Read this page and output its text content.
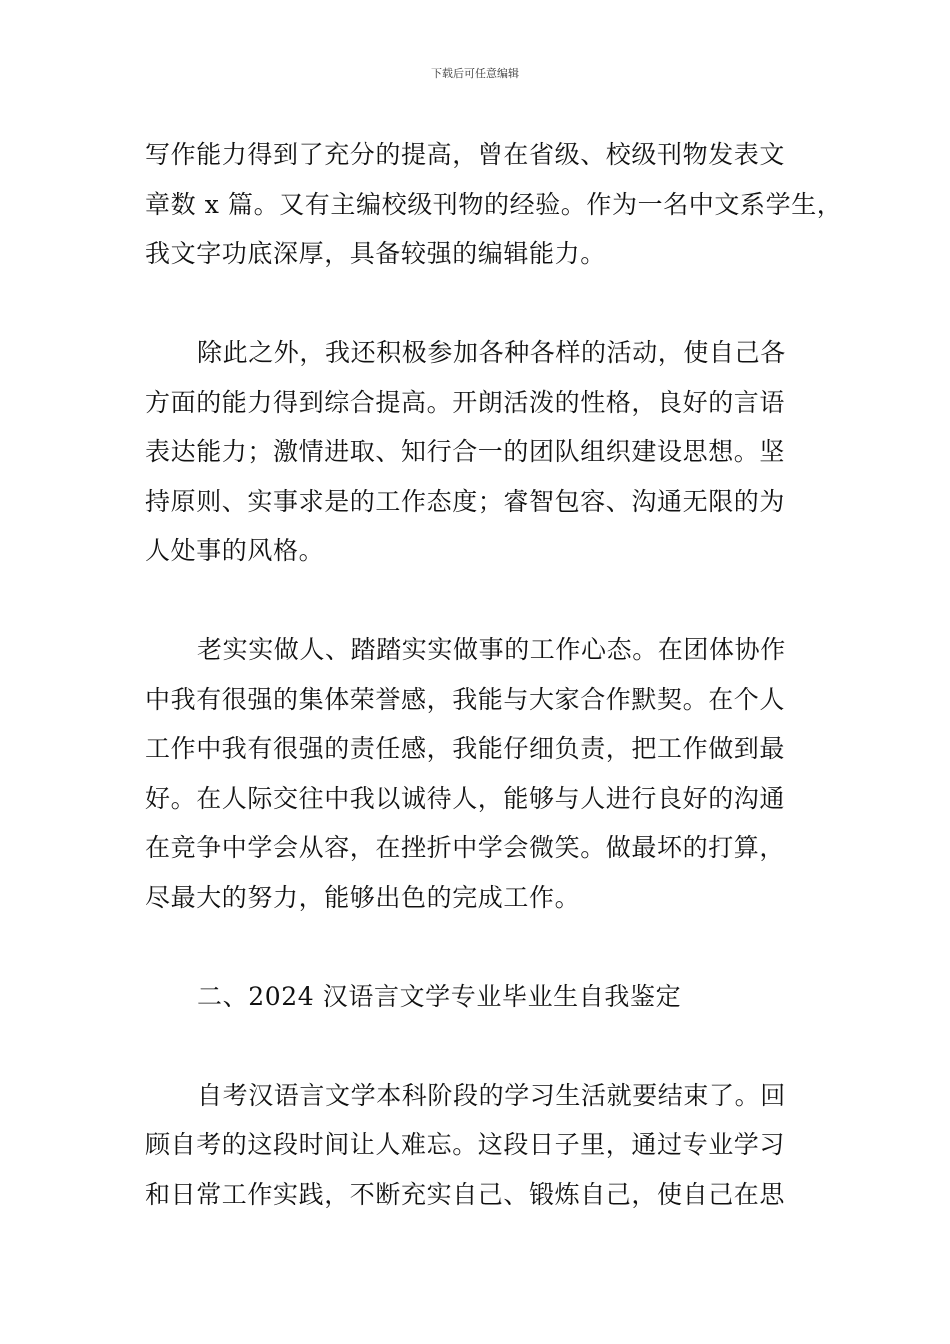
下载后可任意编辑
写作能力得到了充分的提高，曾在省级、校级刊物发表文
章数 x 篇。又有主编校级刊物的经验。作为一名中文系学生，
我文字功底深厚，具备较强的编辑能力。
除此之外，我还积极参加各种各样的活动，使自己各
方面的能力得到综合提高。开朗活泼的性格，良好的言语
表达能力；激情进取、知行合一的团队组织建设思想。坚
持原则、实事求是的工作态度；睿智包容、沟通无限的为
人处事的风格。
老实实做人、踏踏实实做事的工作心态。在团体协作
中我有很强的集体荣誉感，我能与大家合作默契。在个人
工作中我有很强的责任感，我能仔细负责，把工作做到最
好。在人际交往中我以诚待人，能够与人进行良好的沟通
在竞争中学会从容，在挫折中学会微笑。做最坏的打算，
尽最大的努力，能够出色的完成工作。
二、2024 汉语言文学专业毕业生自我鉴定
自考汉语言文学本科阶段的学习生活就要结束了。回
顾自考的这段时间让人难忘。这段日子里，通过专业学习
和日常工作实践，不断充实自己、锻炼自己，使自己在思
